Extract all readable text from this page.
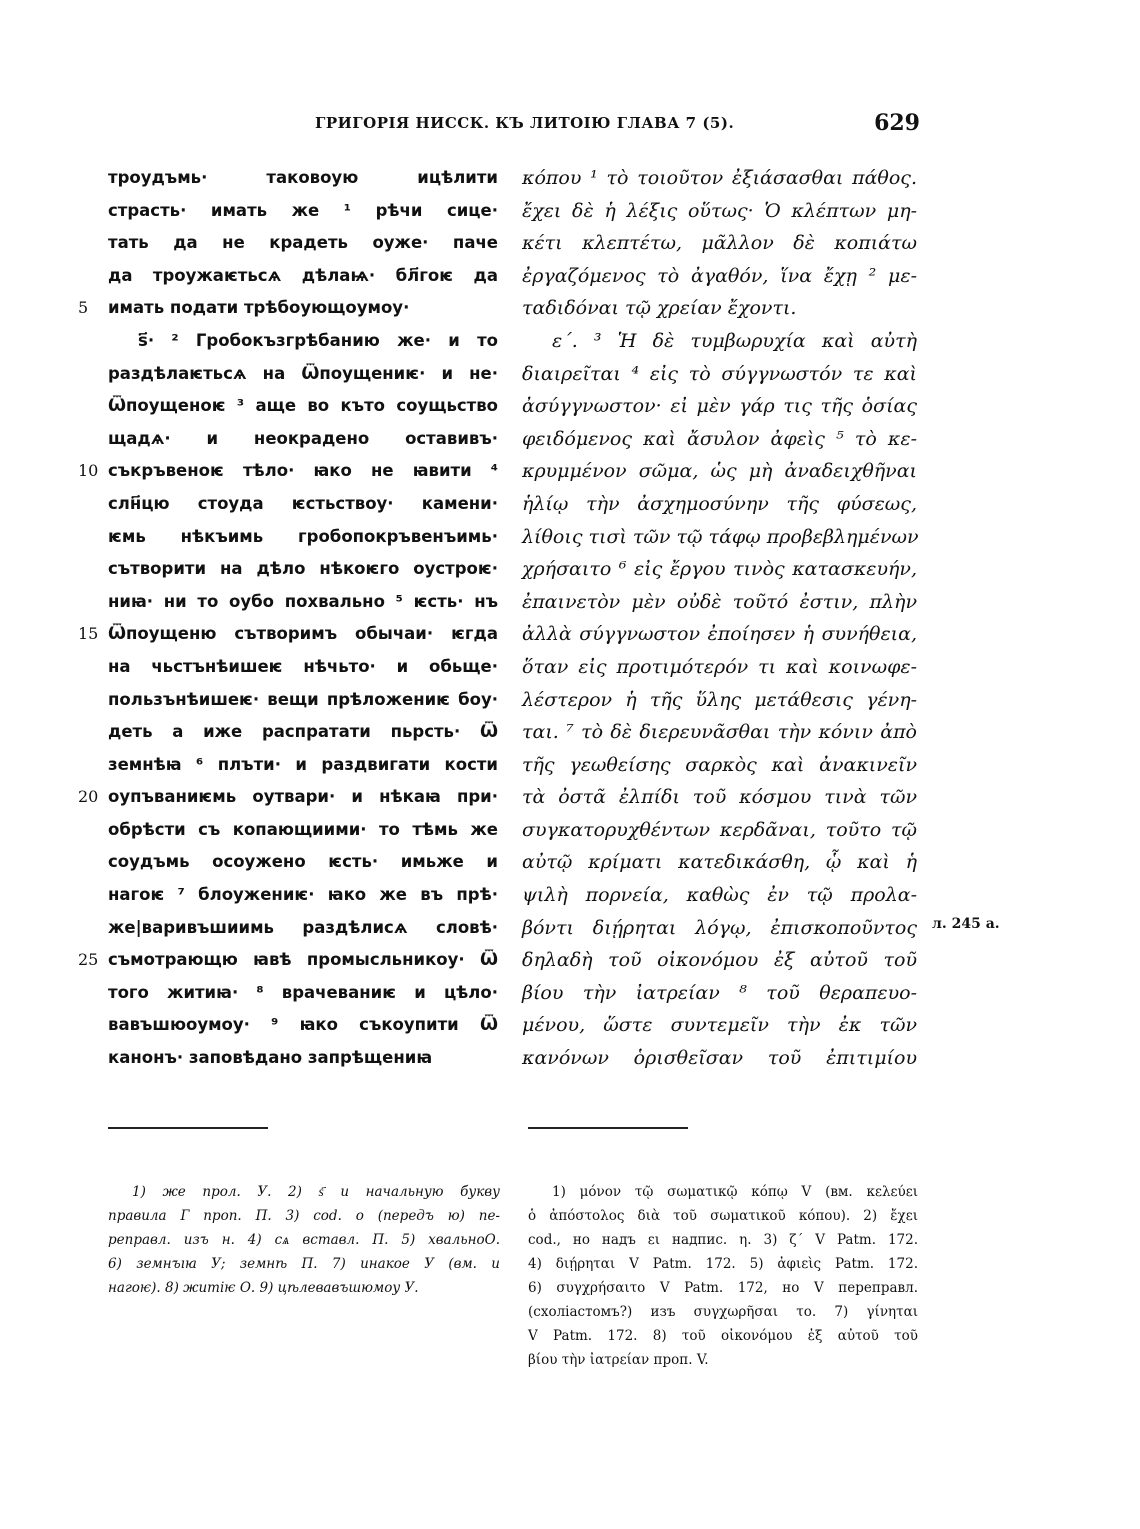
ГРИГОРІЯ НИССК. КЪ ЛИТОІЮ ГЛАВА 7 (5).	629
троудъмь· таковоую ицѣлити
страсть· имать же ¹ рѣчи сице·
тать да не крадеть оуже· паче
да троужаѥтьсѧ дѣлаѩ· бл҃гоѥ да
5	имать подати трѣбоующоумоу·
ѕ҃· ² Гробокъзгрѣбанию же· и то
раздѣлаѥтьсѧ на Ѿпоущениѥ· и не·
Ѿпоущеноѥ ³ аще во къто соущьство
щадѧ· и неокрадено оставивъ·
10 съкръвеноѥ тѣло· ꙗко не ꙗвити ⁴
слн҃цю стоуда ѥстьствоу· камени·
ѥмь нѣкъимь гробопокръвенъимь·
сътворити на дѣло нѣкоѥго оустроѥ·
ниꙗ· ни то оубо похвально ⁵ ѥсть· нъ
15 Ѿпоущеню сътворимъ обычаи· ѥгда
на чьстънѣишеѥ нѣчьто· и обьще·
пользънѣишеѥ· вещи прѣложениѥ боу·
деть а иже распратати пьрсть· Ѿ
земнѣꙗ ⁶ плъти· и раздвигати кости
20 оупъваниѥмь оутвари· и нѣкаꙗ при·
обрѣсти съ копающиими· то тѣмь же
соудъмь осоужено ѥсть· имьже и
нагоѥ ⁷ блоужениѥ· ꙗко же въ прѣ·
же|варивъшиимь раздѣлисѧ словѣ·
25 съмотрающю ꙗвѣ промысльникоу· Ѿ
того житиꙗ· ⁸ врачеваниѥ и цѣло·
вавъшюоумоу· ⁹ ꙗко съкоупити Ѿ
канонъ· заповѣдано запрѣщениꙗ
κόπου ¹ τὸ τοιοῦτον ἐξιάσασθαι πάθος.
ἔχει δὲ ἡ λέξις οὕτως· Ὁ κλέπτων μη-
κέτι κλεπτέτω, μᾶλλον δὲ κοπιάτω
ἐργαζόμενος τὸ ἀγαθόν, ἵνα ἔχῃ ² με-
ταδιδόναι τῷ χρείαν ἔχοντι.
ε΄. ³ Ἡ δὲ τυμβωρυχία καὶ αὐτὴ
διαιρεῖται ⁴ εἰς τὸ σύγγνωστόν τε καὶ
ἀσύγγνωστον· εἰ μὲν γάρ τις τῆς ὁσίας
φειδόμενος καὶ ἄσυλον ἀφεὶς ⁵ τὸ κε-
κρυμμένον σῶμα, ὡς μὴ ἀναδειχθῆναι
ἡλίῳ τὴν ἀσχημοσύνην τῆς φύσεως,
λίθοις τισὶ τῶν τῷ τάφῳ προβεβλημένων
χρήσαιτο ⁶ εἰς ἔργου τινὸς κατασκευήν,
ἐπαινετὸν μὲν οὐδὲ τοῦτό ἐστιν, πλὴν
ἀλλὰ σύγγνωστον ἐποίησεν ἡ συνήθεια,
ὅταν εἰς προτιμότερόν τι καὶ κοινωφε-
λέστερον ἡ τῆς ὕλης μετάθεσις γένη-
ται. ⁷ τὸ δὲ διερευνᾶσθαι τὴν κόνιν ἀπὸ
τῆς γεωθείσης σαρκὸς καὶ ἀνακινεῖν
τὰ ὀστᾶ ἐλπίδι τοῦ κόσμου τινὰ τῶν
συγκατορυχθέντων κερδᾶναι, τοῦτο τῷ
αὐτῷ κρίματι κατεδικάσθη, ᾧ καὶ ἡ
ψιλὴ πορνεία, καθὼς ἐν τῷ προλα-
βόντι διῄρηται λόγῳ, ἐπισκοποῦντος
δηλαδὴ τοῦ οἰκονόμου ἐξ αὐτοῦ τοῦ
βίου τὴν ἰατρείαν ⁸ τοῦ θεραπευο-
μένου, ὥστε συντεμεῖν τὴν ἐκ τῶν
κανόνων ὁρισθεῖσαν τοῦ ἐπιτιμίου
л. 245 а.
1) же прол. У. 2) ѕ҃ и начальную букву
правила Г проп. П. 3) cod. о (передъ ю) пе-
реправл. изъ н. 4) сѧ вставл. П. 5) хвальноО.
6) земнъıꙗ У; земнѣ П. 7) инакое У (вм. и
нагоѥ). 8) житiѥ О. 9) цѣлевавъшюмоу У.
1) μόνον τῷ σωματικῷ κόπῳ V (вм. κελεύει
ὁ ἀπόστολος διὰ τοῦ σωματικοῦ κόπου). 2) ἔχει
cod., но надъ ει надпис. η. 3) ζ΄ V Patm. 172.
4) διῄρηται V Patm. 172. 5) ἀφιεὶς Patm. 172.
6) συγχρήσαιτο V Patm. 172, но V переправл.
(схоліастомъ?) изъ συγχωρῆσαι το. 7) γίνηται
V Patm. 172. 8) τοῦ οἰκονόμου ἐξ αὐτοῦ τοῦ
βίου τὴν ἰατρείαν проп. V.
